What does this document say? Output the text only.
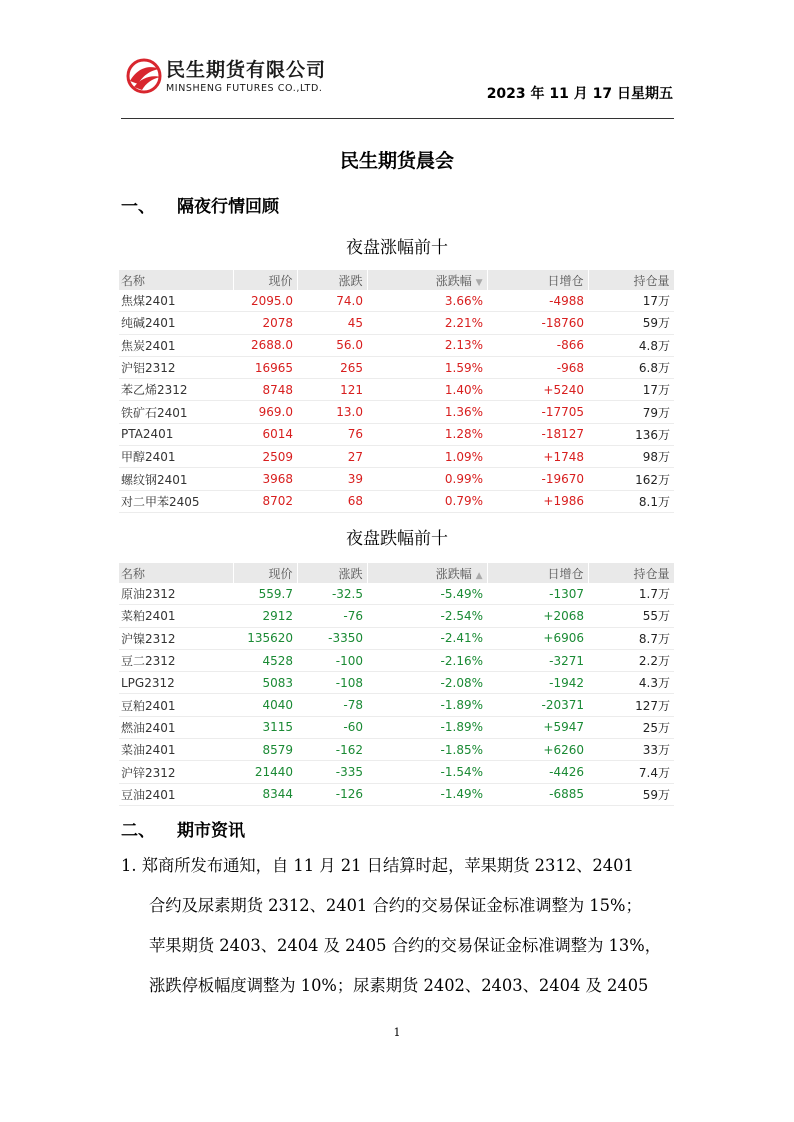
民生期货有限公司
MINSHENG FUTURES CO.,LTD.	2023 年 11 月 17 日星期五
民生期货晨会
一、 隔夜行情回顾
夜盘涨幅前十
名称	现价	涨跌	涨跌幅 ▼	日增仓	持仓量
焦煤2401	2095.0	74.0	3.66%	-4988	17万
纯碱2401	2078	45	2.21%	-18760	59万
焦炭2401	2688.0	56.0	2.13%	-866	4.8万
沪铝2312	16965	265	1.59%	-968	6.8万
苯乙烯2312	8748	121	1.40%	+5240	17万
铁矿石2401	969.0	13.0	1.36%	-17705	79万
PTA2401	6014	76	1.28%	-18127	136万
甲醇2401	2509	27	1.09%	+1748	98万
螺纹钢2401	3968	39	0.99%	-19670	162万
对二甲苯2405	8702	68	0.79%	+1986	8.1万
夜盘跌幅前十
名称	现价	涨跌	涨跌幅 ▲	日增仓	持仓量
原油2312	559.7	-32.5	-5.49%	-1307	1.7万
菜粕2401	2912	-76	-2.54%	+2068	55万
沪镍2312	135620	-3350	-2.41%	+6906	8.7万
豆二2312	4528	-100	-2.16%	-3271	2.2万
LPG2312	5083	-108	-2.08%	-1942	4.3万
豆粕2401	4040	-78	-1.89%	-20371	127万
燃油2401	3115	-60	-1.89%	+5947	25万
菜油2401	8579	-162	-1.85%	+6260	33万
沪锌2312	21440	-335	-1.54%	-4426	7.4万
豆油2401	8344	-126	-1.49%	-6885	59万
二、 期市资讯
1. 郑商所发布通知，自 11 月 21 日结算时起，苹果期货 2312、2401
合约及尿素期货 2312、2401 合约的交易保证金标准调整为 15%；
苹果期货 2403、2404 及 2405 合约的交易保证金标准调整为 13%，
涨跌停板幅度调整为 10%；尿素期货 2402、2403、2404 及 2405
1
